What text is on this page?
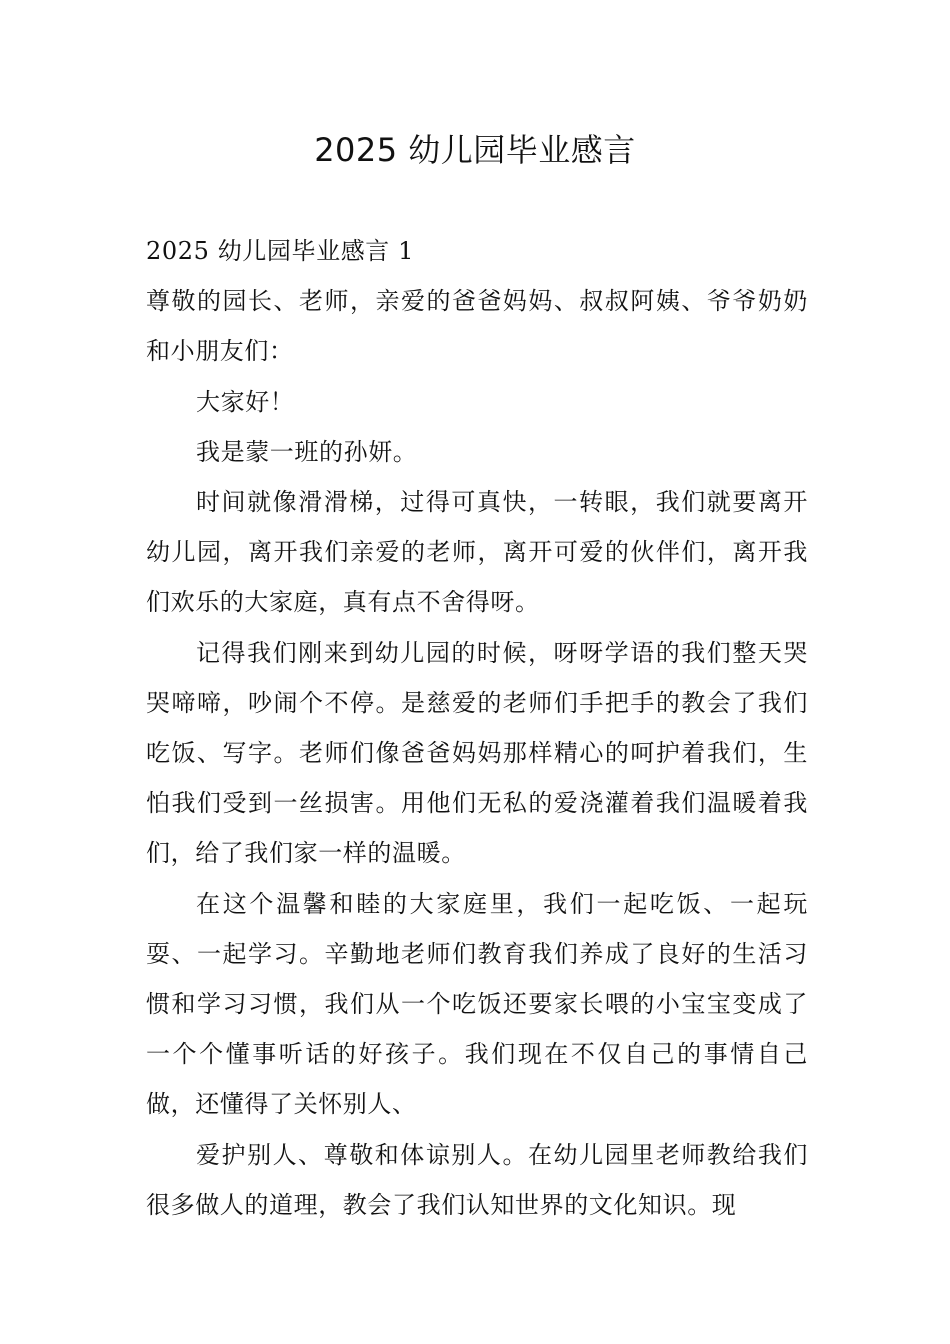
2025 幼儿园毕业感言

2025 幼儿园毕业感言 1

尊敬的园长、老师，亲爱的爸爸妈妈、叔叔阿姨、爷爷奶奶和小朋友们：

大家好！

我是蒙一班的孙妍。

时间就像滑滑梯，过得可真快，一转眼，我们就要离开幼儿园，离开我们亲爱的老师，离开可爱的伙伴们，离开我们欢乐的大家庭，真有点不舍得呀。

记得我们刚来到幼儿园的时候，呀呀学语的我们整天哭哭啼啼，吵闹个不停。是慈爱的老师们手把手的教会了我们吃饭、写字。老师们像爸爸妈妈那样精心的呵护着我们，生怕我们受到一丝损害。用他们无私的爱浇灌着我们温暖着我们，给了我们家一样的温暖。

在这个温馨和睦的大家庭里，我们一起吃饭、一起玩耍、一起学习。辛勤地老师们教育我们养成了良好的生活习惯和学习习惯，我们从一个吃饭还要家长喂的小宝宝变成了一个个懂事听话的好孩子。我们现在不仅自己的事情自己做，还懂得了关怀别人、

爱护别人、尊敬和体谅别人。在幼儿园里老师教给我们很多做人的道理，教会了我们认知世界的文化知识。现
